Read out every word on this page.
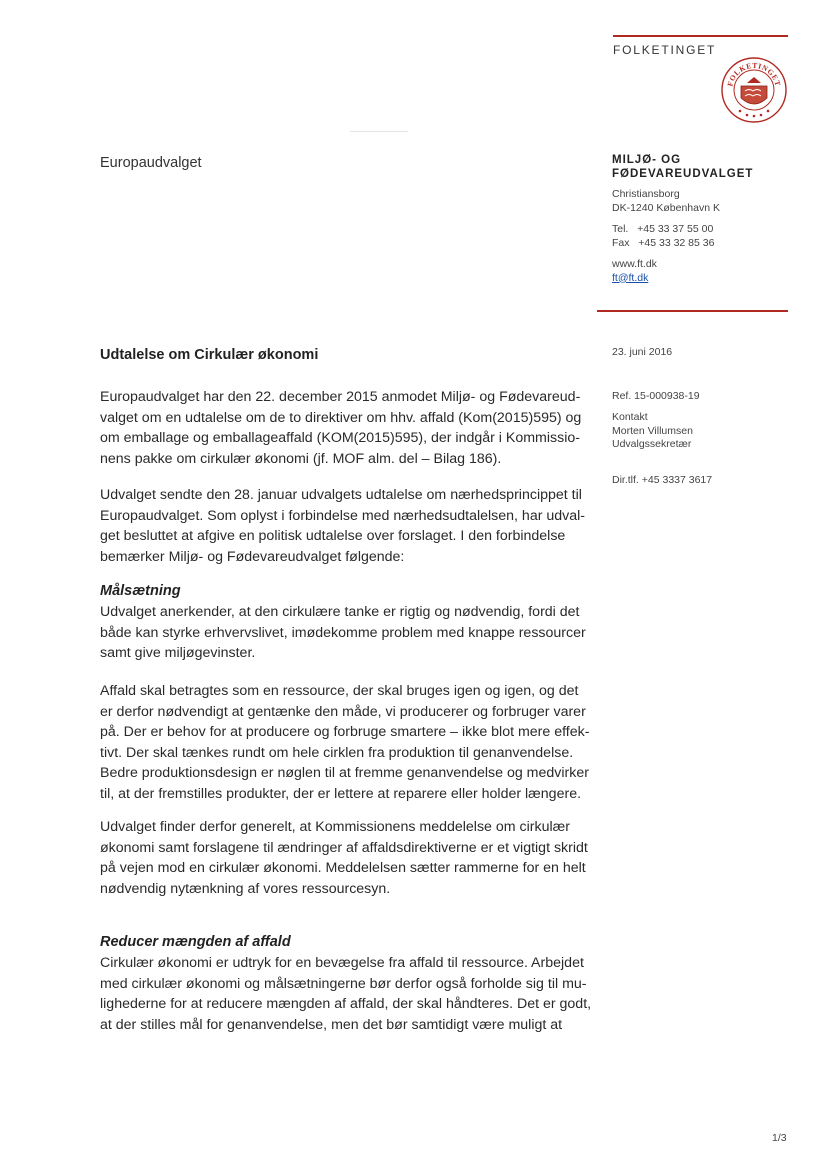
FOLKETINGET
FOLKETINGET
Europaudvalget	MILJØ- OG
FØDEVAREUDVALGET
Christiansborg
DK-1240 København K
Tel.   +45 33 37 55 00
Fax   +45 33 32 85 36
www.ft.dk
ft@ft.dk
23. juni 2016
Ref. 15-000938-19
Kontakt
Morten Villumsen
Udvalgssekretær
Dir.tlf. +45 3337 3617
Udtalelse om Cirkulær økonomi
Europaudvalget har den 22. december 2015 anmodet Miljø- og Fødevareud-
valget om en udtalelse om de to direktiver om hhv. affald (Kom(2015)595) og
om emballage og emballageaffald (KOM(2015)595), der indgår i Kommissio-
nens pakke om cirkulær økonomi (jf. MOF alm. del – Bilag 186).
Udvalget sendte den 28. januar udvalgets udtalelse om nærhedsprincippet til
Europaudvalget. Som oplyst i forbindelse med nærhedsudtalelsen, har udval-
get besluttet at afgive en politisk udtalelse over forslaget. I den forbindelse
bemærker Miljø- og Fødevareudvalget følgende:
Målsætning
Udvalget anerkender, at den cirkulære tanke er rigtig og nødvendig, fordi det
både kan styrke erhvervslivet, imødekomme problem med knappe ressourcer
samt give miljøgevinster.
Affald skal betragtes som en ressource, der skal bruges igen og igen, og det
er derfor nødvendigt at gentænke den måde, vi producerer og forbruger varer
på. Der er behov for at producere og forbruge smartere – ikke blot mere effek-
tivt. Der skal tænkes rundt om hele cirklen fra produktion til genanvendelse.
Bedre produktionsdesign er nøglen til at fremme genanvendelse og medvirker
til, at der fremstilles produkter, der er lettere at reparere eller holder længere.
Udvalget finder derfor generelt, at Kommissionens meddelelse om cirkulær
økonomi samt forslagene til ændringer af affaldsdirektiverne er et vigtigt skridt
på vejen mod en cirkulær økonomi. Meddelelsen sætter rammerne for en helt
nødvendig nytænkning af vores ressourcesyn.
Reducer mængden af affald
Cirkulær økonomi er udtryk for en bevægelse fra affald til ressource. Arbejdet
med cirkulær økonomi og målsætningerne bør derfor også forholde sig til mu-
lighederne for at reducere mængden af affald, der skal håndteres. Det er godt,
at der stilles mål for genanvendelse, men det bør samtidigt være muligt at
1/3
